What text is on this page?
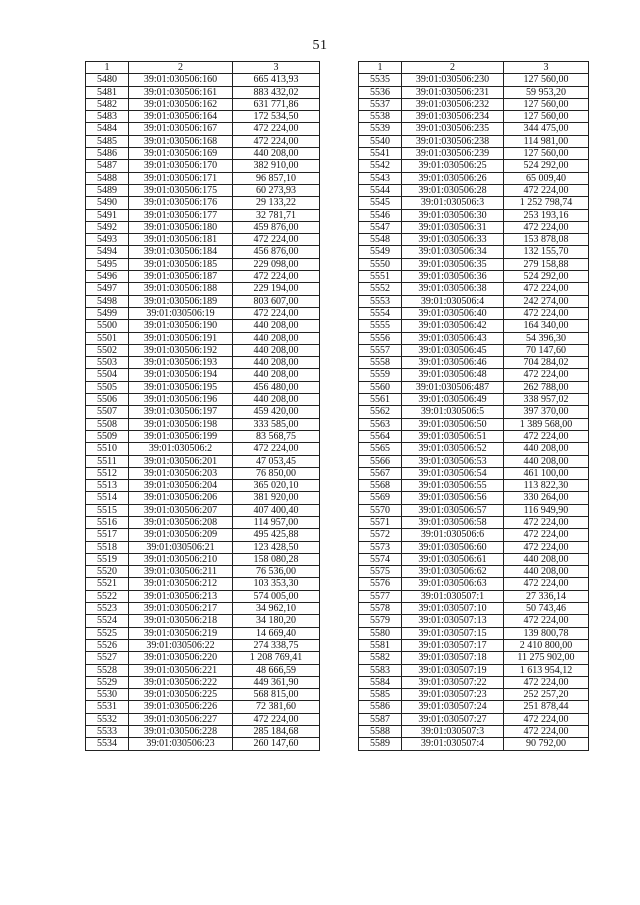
51
1	2	3
5480	39:01:030506:160	665 413,93
5481	39:01:030506:161	883 432,02
5482	39:01:030506:162	631 771,86
5483	39:01:030506:164	172 534,50
5484	39:01:030506:167	472 224,00
5485	39:01:030506:168	472 224,00
5486	39:01:030506:169	440 208,00
5487	39:01:030506:170	382 910,00
5488	39:01:030506:171	96 857,10
5489	39:01:030506:175	60 273,93
5490	39:01:030506:176	29 133,22
5491	39:01:030506:177	32 781,71
5492	39:01:030506:180	459 876,00
5493	39:01:030506:181	472 224,00
5494	39:01:030506:184	456 876,00
5495	39:01:030506:185	229 098,00
5496	39:01:030506:187	472 224,00
5497	39:01:030506:188	229 194,00
5498	39:01:030506:189	803 607,00
5499	39:01:030506:19	472 224,00
5500	39:01:030506:190	440 208,00
5501	39:01:030506:191	440 208,00
5502	39:01:030506:192	440 208,00
5503	39:01:030506:193	440 208,00
5504	39:01:030506:194	440 208,00
5505	39:01:030506:195	456 480,00
5506	39:01:030506:196	440 208,00
5507	39:01:030506:197	459 420,00
5508	39:01:030506:198	333 585,00
5509	39:01:030506:199	83 568,75
5510	39:01:030506:2	472 224,00
5511	39:01:030506:201	47 053,45
5512	39:01:030506:203	76 850,00
5513	39:01:030506:204	365 020,10
5514	39:01:030506:206	381 920,00
5515	39:01:030506:207	407 400,40
5516	39:01:030506:208	114 957,00
5517	39:01:030506:209	495 425,88
5518	39:01:030506:21	123 428,50
5519	39:01:030506:210	158 080,28
5520	39:01:030506:211	76 536,00
5521	39:01:030506:212	103 353,30
5522	39:01:030506:213	574 005,00
5523	39:01:030506:217	34 962,10
5524	39:01:030506:218	34 180,20
5525	39:01:030506:219	14 669,40
5526	39:01:030506:22	274 338,75
5527	39:01:030506:220	1 208 769,41
5528	39:01:030506:221	48 666,59
5529	39:01:030506:222	449 361,90
5530	39:01:030506:225	568 815,00
5531	39:01:030506:226	72 381,60
5532	39:01:030506:227	472 224,00
5533	39:01:030506:228	285 184,68
5534	39:01:030506:23	260 147,60
1	2	3
5535	39:01:030506:230	127 560,00
5536	39:01:030506:231	59 953,20
5537	39:01:030506:232	127 560,00
5538	39:01:030506:234	127 560,00
5539	39:01:030506:235	344 475,00
5540	39:01:030506:238	114 981,00
5541	39:01:030506:239	127 560,00
5542	39:01:030506:25	524 292,00
5543	39:01:030506:26	65 009,40
5544	39:01:030506:28	472 224,00
5545	39:01:030506:3	1 252 798,74
5546	39:01:030506:30	253 193,16
5547	39:01:030506:31	472 224,00
5548	39:01:030506:33	153 878,08
5549	39:01:030506:34	132 155,70
5550	39:01:030506:35	279 158,88
5551	39:01:030506:36	524 292,00
5552	39:01:030506:38	472 224,00
5553	39:01:030506:4	242 274,00
5554	39:01:030506:40	472 224,00
5555	39:01:030506:42	164 340,00
5556	39:01:030506:43	54 396,30
5557	39:01:030506:45	70 147,60
5558	39:01:030506:46	704 284,02
5559	39:01:030506:48	472 224,00
5560	39:01:030506:487	262 788,00
5561	39:01:030506:49	338 957,02
5562	39:01:030506:5	397 370,00
5563	39:01:030506:50	1 389 568,00
5564	39:01:030506:51	472 224,00
5565	39:01:030506:52	440 208,00
5566	39:01:030506:53	440 208,00
5567	39:01:030506:54	461 100,00
5568	39:01:030506:55	113 822,30
5569	39:01:030506:56	330 264,00
5570	39:01:030506:57	116 949,90
5571	39:01:030506:58	472 224,00
5572	39:01:030506:6	472 224,00
5573	39:01:030506:60	472 224,00
5574	39:01:030506:61	440 208,00
5575	39:01:030506:62	440 208,00
5576	39:01:030506:63	472 224,00
5577	39:01:030507:1	27 336,14
5578	39:01:030507:10	50 743,46
5579	39:01:030507:13	472 224,00
5580	39:01:030507:15	139 800,78
5581	39:01:030507:17	2 410 800,00
5582	39:01:030507:18	11 275 902,00
5583	39:01:030507:19	1 613 954,12
5584	39:01:030507:22	472 224,00
5585	39:01:030507:23	252 257,20
5586	39:01:030507:24	251 878,44
5587	39:01:030507:27	472 224,00
5588	39:01:030507:3	472 224,00
5589	39:01:030507:4	90 792,00
